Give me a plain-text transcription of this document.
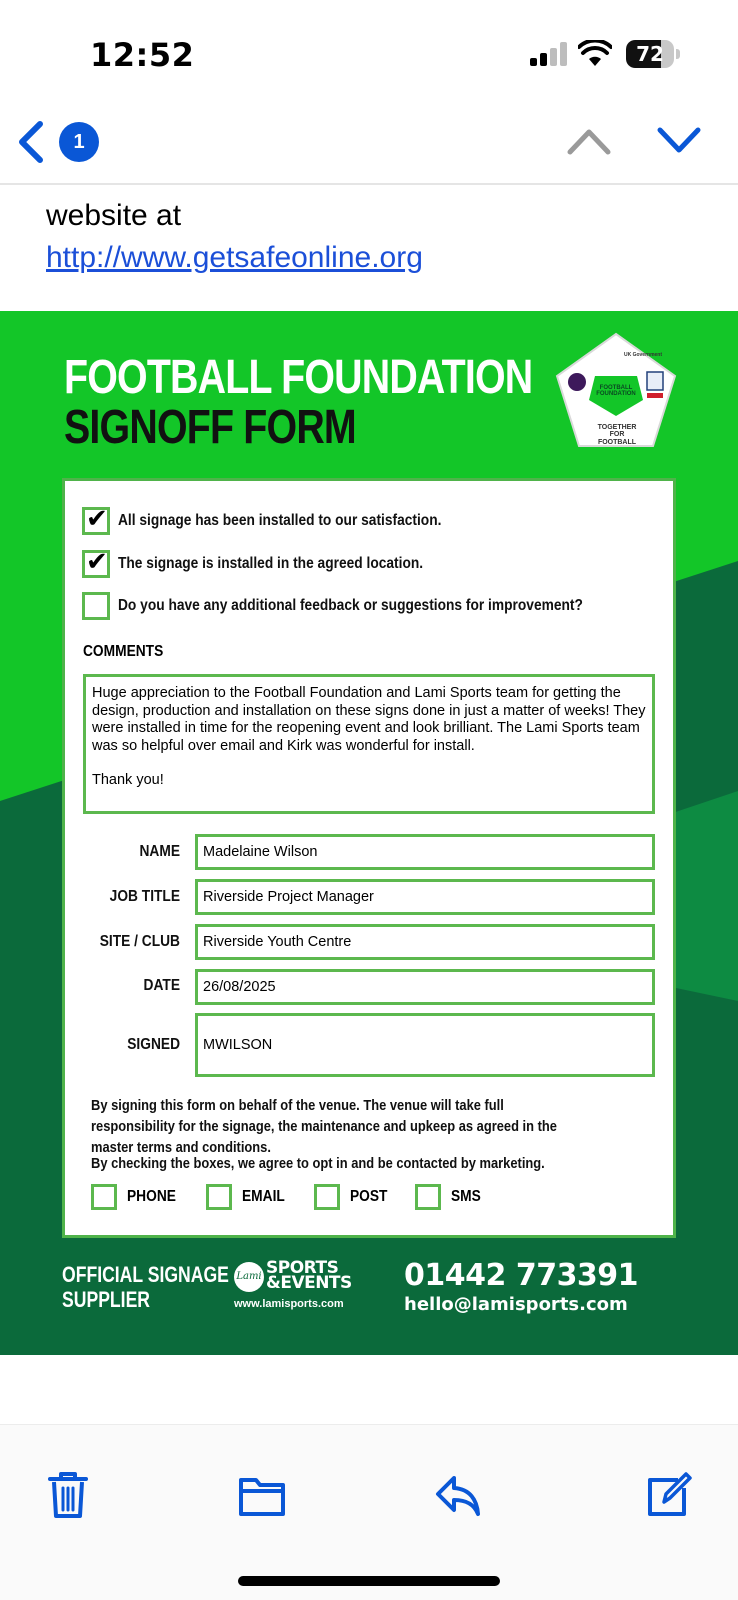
12:52	72
1
website at
http://www.getsafeonline.org
FOOTBALL FOUNDATION
SIGNOFF FORM
UK Government
FOOTBALL FOUNDATION
TOGETHER FOR FOOTBALL
✔ All signage has been installed to our satisfaction.
✔ The signage is installed in the agreed location.
Do you have any additional feedback or suggestions for improvement?
COMMENTS

Huge appreciation to the Football Foundation and Lami Sports team for getting the design, production and installation on these signs done in just a matter of weeks! They were installed in time for the reopening event and look brilliant. The Lami Sports team was so helpful over email and Kirk was wonderful for install.

Thank you!

NAME	Madelaine Wilson
JOB TITLE	Riverside Project Manager
SITE / CLUB	Riverside Youth Centre
DATE	26/08/2025
SIGNED	MWILSON
By signing this form on behalf of the venue. The venue will take full responsibility for the signage, the maintenance and upkeep as agreed in the master terms and conditions.
By checking the boxes, we agree to opt in and be contacted by marketing.
PHONE	EMAIL	POST	SMS
OFFICIAL SIGNAGE
SUPPLIER
Lami SPORTS
&EVENTS
www.lamisports.com
01442 773391
hello@lamisports.com
